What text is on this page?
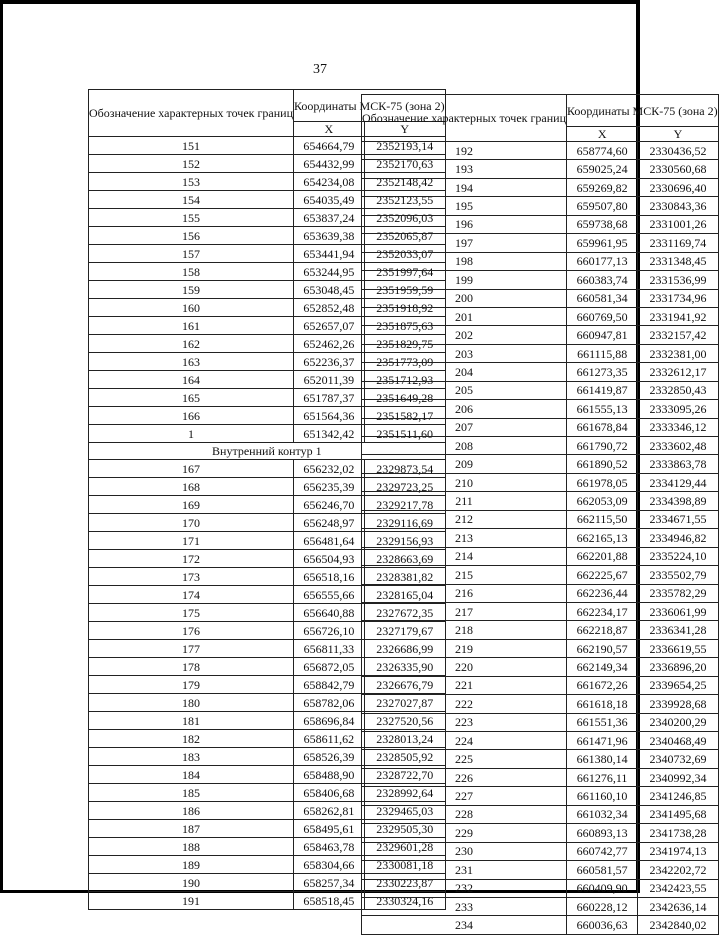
37
Обозначение характерных точек границ	Координаты МСК-75 (зона 2)	
	X	Y
151	654664,79	2352193,14
152	654432,99	2352170,63
153	654234,08	2352148,42
154	654035,49	2352123,55
155	653837,24	2352096,03
156	653639,38	2352065,87
157	653441,94	2352033,07
158	653244,95	2351997,64
159	653048,45	2351959,59
160	652852,48	2351918,92
161	652657,07	2351875,63
162	652462,26	2351829,75
163	652236,37	2351773,09
164	652011,39	2351712,93
165	651787,37	2351649,28
166	651564,36	2351582,17
1	651342,42	2351511,60
Внутренний контур 1		
167	656232,02	2329873,54
168	656235,39	2329723,25
169	656246,70	2329217,78
170	656248,97	2329116,69
171	656481,64	2329156,93
172	656504,93	2328663,69
173	656518,16	2328381,82
174	656555,66	2328165,04
175	656640,88	2327672,35
176	656726,10	2327179,67
177	656811,33	2326686,99
178	656872,05	2326335,90
179	658842,79	2326676,79
180	658782,06	2327027,87
181	658696,84	2327520,56
182	658611,62	2328013,24
183	658526,39	2328505,92
184	658488,90	2328722,70
185	658406,68	2328992,64
186	658262,81	2329465,03
187	658495,61	2329505,30
188	658463,78	2329601,28
189	658304,66	2330081,18
190	658257,34	2330223,87
191	658518,45	2330324,16
Обозначение характерных точек границ	Координаты МСК-75 (зона 2)	
	X	Y
192	658774,60	2330436,52
193	659025,24	2330560,68
194	659269,82	2330696,40
195	659507,80	2330843,36
196	659738,68	2331001,26
197	659961,95	2331169,74
198	660177,13	2331348,45
199	660383,74	2331536,99
200	660581,34	2331734,96
201	660769,50	2331941,92
202	660947,81	2332157,42
203	661115,88	2332381,00
204	661273,35	2332612,17
205	661419,87	2332850,43
206	661555,13	2333095,26
207	661678,84	2333346,12
208	661790,72	2333602,48
209	661890,52	2333863,78
210	661978,05	2334129,44
211	662053,09	2334398,89
212	662115,50	2334671,55
213	662165,13	2334946,82
214	662201,88	2335224,10
215	662225,67	2335502,79
216	662236,44	2335782,29
217	662234,17	2336061,99
218	662218,87	2336341,28
219	662190,57	2336619,55
220	662149,34	2336896,20
221	661672,26	2339654,25
222	661618,18	2339928,68
223	661551,36	2340200,29
224	661471,96	2340468,49
225	661380,14	2340732,69
226	661276,11	2340992,34
227	661160,10	2341246,85
228	661032,34	2341495,68
229	660893,13	2341738,28
230	660742,77	2341974,13
231	660581,57	2342202,72
232	660409,90	2342423,55
233	660228,12	2342636,14
234	660036,63	2342840,02
